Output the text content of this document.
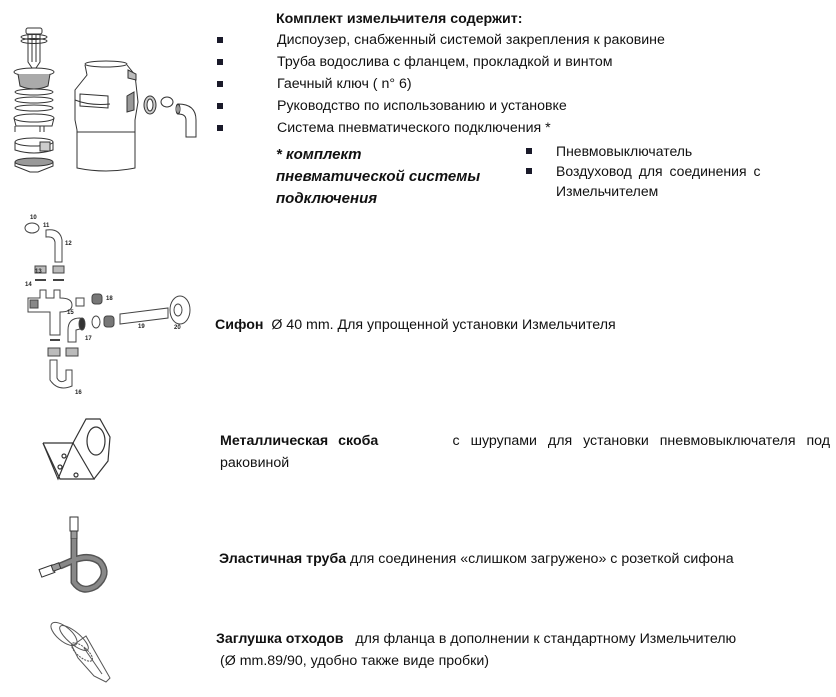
Комплект измельчителя содержит:
Диспоузер, снабженный системой закрепления к раковине
Труба водослива с фланцем, прокладкой и винтом
Гаечный ключ ( n° 6)
Руководство по использованию и установке
Система пневматического подключения *
* комплект
пневматической системы
подключения
Пневмовыключатель
Воздуховод для соединения с
Измельчителем
10
11
12
13
14
15
16
17
18
19	20 Сифон Ø 40 mm. Для упрощенной установки Измельчителя
Металлическая скоба	с шурупами для установки пневмовыключателя под
раковиной
Эластичная труба для соединения «слишком загружено» с розеткой сифона
Заглушка отходов для фланца в дополнении к стандартному Измельчителю
(Ø mm.89/90, удобно также виде пробки)
